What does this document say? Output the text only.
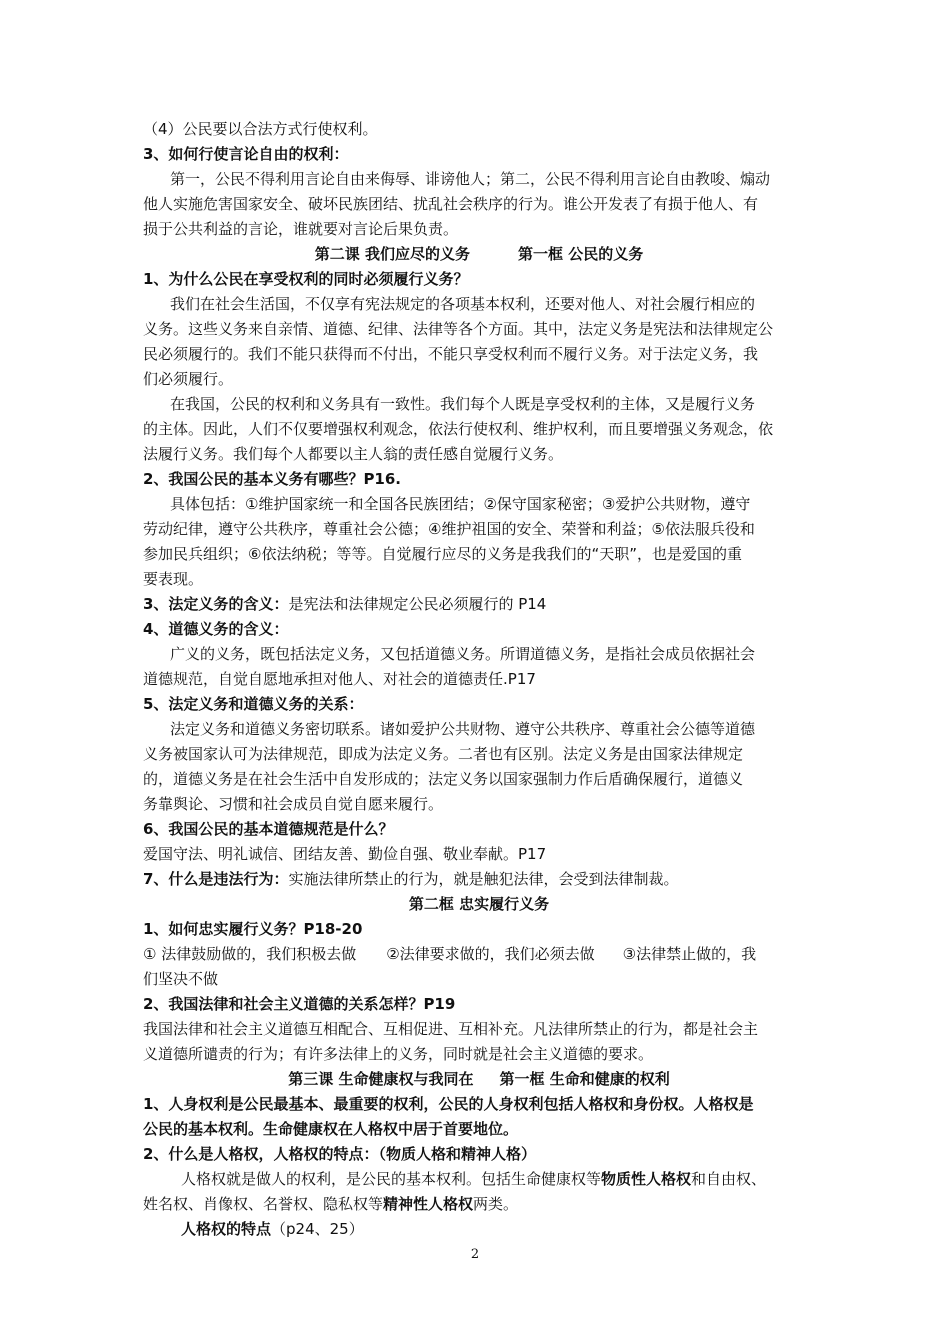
（4）公民要以合法方式行使权利。
3、如何行使言论自由的权利：
第一，公民不得利用言论自由来侮辱、诽谤他人；第二，公民不得利用言论自由教唆、煽动
他人实施危害国家安全、破坏民族团结、扰乱社会秩序的行为。谁公开发表了有损于他人、有
损于公共利益的言论，谁就要对言论后果负责。
第二课 我们应尽的义务	第一框 公民的义务
1、为什么公民在享受权利的同时必须履行义务？
我们在社会生活国，不仅享有宪法规定的各项基本权利，还要对他人、对社会履行相应的
义务。这些义务来自亲情、道德、纪律、法律等各个方面。其中，法定义务是宪法和法律规定公
民必须履行的。我们不能只获得而不付出，不能只享受权利而不履行义务。对于法定义务，我
们必须履行。
在我国，公民的权利和义务具有一致性。我们每个人既是享受权利的主体，又是履行义务
的主体。因此，人们不仅要增强权利观念，依法行使权利、维护权利，而且要增强义务观念，依
法履行义务。我们每个人都要以主人翁的责任感自觉履行义务。
2、我国公民的基本义务有哪些？P16.
具体包括：①维护国家统一和全国各民族团结；②保守国家秘密；③爱护公共财物，遵守
劳动纪律，遵守公共秩序，尊重社会公德；④维护祖国的安全、荣誉和利益；⑤依法服兵役和
参加民兵组织；⑥依法纳税；等等。自觉履行应尽的义务是我我们的“天职”，也是爱国的重
要表现。
3、法定义务的含义：是宪法和法律规定公民必须履行的 P14
4、道德义务的含义：
广义的义务，既包括法定义务，又包括道德义务。所谓道德义务，是指社会成员依据社会
道德规范，自觉自愿地承担对他人、对社会的道德责任.P17
5、法定义务和道德义务的关系：
法定义务和道德义务密切联系。诸如爱护公共财物、遵守公共秩序、尊重社会公德等道德
义务被国家认可为法律规范，即成为法定义务。二者也有区别。法定义务是由国家法律规定
的，道德义务是在社会生活中自发形成的；法定义务以国家强制力作后盾确保履行，道德义
务靠舆论、习惯和社会成员自觉自愿来履行。
6、我国公民的基本道德规范是什么？
爱国守法、明礼诚信、团结友善、勤俭自强、敬业奉献。P17
7、什么是违法行为：实施法律所禁止的行为，就是触犯法律，会受到法律制裁。
第二框 忠实履行义务
1、如何忠实履行义务？P18-20
① 法律鼓励做的，我们积极去做 ②法律要求做的，我们必须去做 ③法律禁止做的，我
们坚决不做
2、我国法律和社会主义道德的关系怎样？P19
我国法律和社会主义道德互相配合、互相促进、互相补充。凡法律所禁止的行为，都是社会主
义道德所谴责的行为；有许多法律上的义务，同时就是社会主义道德的要求。
第三课 生命健康权与我同在 第一框 生命和健康的权利
1、人身权利是公民最基本、最重要的权利，公民的人身权利包括人格权和身份权。人格权是
公民的基本权利。生命健康权在人格权中居于首要地位。
2、什么是人格权，人格权的特点：（物质人格和精神人格）
人格权就是做人的权利，是公民的基本权利。包括生命健康权等物质性人格权和自由权、
姓名权、肖像权、名誉权、隐私权等精神性人格权两类。
人格权的特点（p24、25）
2
